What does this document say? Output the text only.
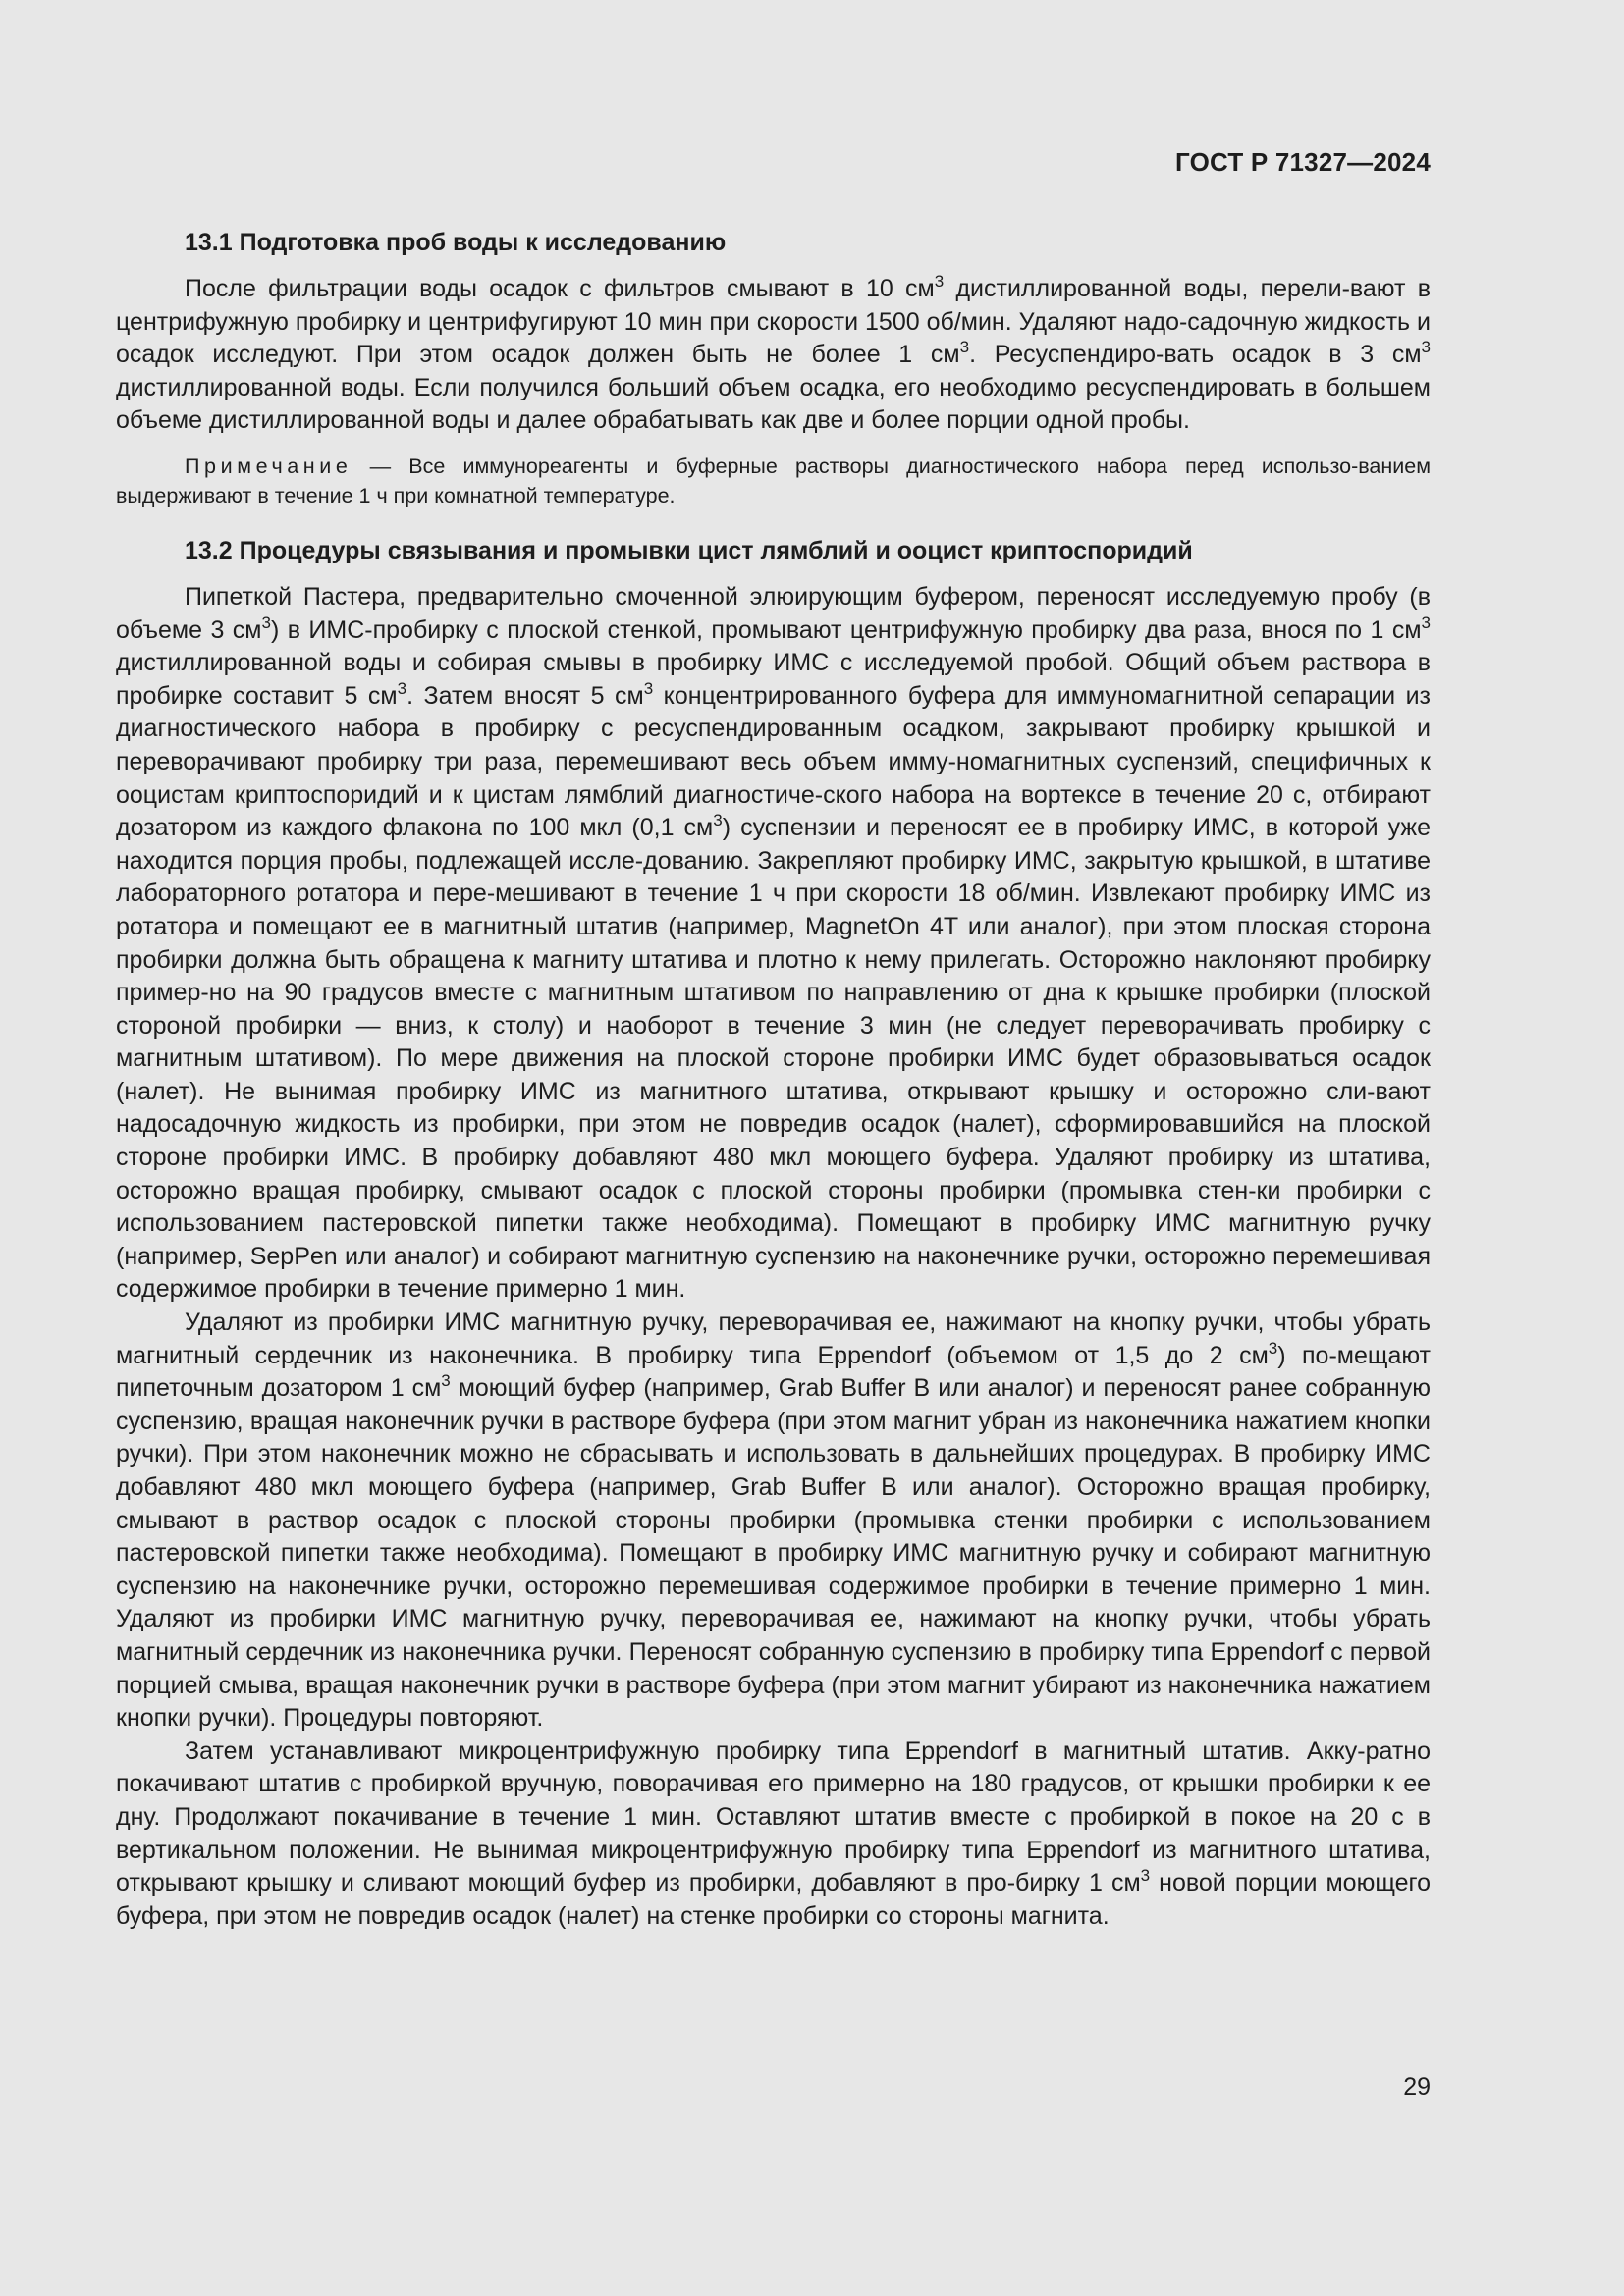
ГОСТ Р 71327—2024
13.1 Подготовка проб воды к исследованию

После фильтрации воды осадок с фильтров смывают в 10 $см^3$ дистиллированной воды, перели-вают в центрифужную пробирку и центрифугируют 10 мин при скорости 1500 об/мин. Удаляют надо-садочную жидкость и осадок исследуют. При этом осадок должен быть не более 1 $см^3$. Ресуспендиро-вать осадок в 3 $см^3$ дистиллированной воды. Если получился больший объем осадка, его необходимо ресуспендировать в большем объеме дистиллированной воды и далее обрабатывать как две и более порции одной пробы.

Примечание — Все иммунореагенты и буферные растворы диагностического набора перед использо-ванием выдерживают в течение 1 ч при комнатной температуре.

13.2 Процедуры связывания и промывки цист лямблий и ооцист криптоспоридий

Пипеткой Пастера, предварительно смоченной элюирующим буфером, переносят исследуемую пробу (в объеме 3 $см^3$) в ИМС-пробирку с плоской стенкой, промывают центрифужную пробирку два раза, внося по 1 $см^3$ дистиллированной воды и собирая смывы в пробирку ИМС с исследуемой пробой. Общий объем раствора в пробирке составит 5 $см^3$. Затем вносят 5 $см^3$ концентрированного буфера для иммуномагнитной сепарации из диагностического набора в пробирку с ресуспендированным осадком, закрывают пробирку крышкой и переворачивают пробирку три раза, перемешивают весь объем имму-номагнитных суспензий, специфичных к ооцистам криптоспоридий и к цистам лямблий диагностиче-ского набора на вортексе в течение 20 с, отбирают дозатором из каждого флакона по 100 мкл (0,1 $см^3$) суспензии и переносят ее в пробирку ИМС, в которой уже находится порция пробы, подлежащей иссле-дованию. Закрепляют пробирку ИМС, закрытую крышкой, в штативе лабораторного ротатора и пере-мешивают в течение 1 ч при скорости 18 об/мин. Извлекают пробирку ИМС из ротатора и помещают ее в магнитный штатив (например, MagnetOn 4T или аналог), при этом плоская сторона пробирки должна быть обращена к магниту штатива и плотно к нему прилегать. Осторожно наклоняют пробирку пример-но на 90 градусов вместе с магнитным штативом по направлению от дна к крышке пробирки (плоской стороной пробирки — вниз, к столу) и наоборот в течение 3 мин (не следует переворачивать пробирку с магнитным штативом). По мере движения на плоской стороне пробирки ИМС будет образовываться осадок (налет). Не вынимая пробирку ИМС из магнитного штатива, открывают крышку и осторожно сли-вают надосадочную жидкость из пробирки, при этом не повредив осадок (налет), сформировавшийся на плоской стороне пробирки ИМС. В пробирку добавляют 480 мкл моющего буфера. Удаляют пробирку из штатива, осторожно вращая пробирку, смывают осадок с плоской стороны пробирки (промывка стен-ки пробирки с использованием пастеровской пипетки также необходима). Помещают в пробирку ИМС магнитную ручку (например, SepPen или аналог) и собирают магнитную суспензию на наконечнике ручки, осторожно перемешивая содержимое пробирки в течение примерно 1 мин.

Удаляют из пробирки ИМС магнитную ручку, переворачивая ее, нажимают на кнопку ручки, чтобы убрать магнитный сердечник из наконечника. В пробирку типа Eppendorf (объемом от 1,5 до 2 $см^3$) по-мещают пипеточным дозатором 1 $см^3$ моющий буфер (например, Grab Buffer B или аналог) и переносят ранее собранную суспензию, вращая наконечник ручки в растворе буфера (при этом магнит убран из наконечника нажатием кнопки ручки). При этом наконечник можно не сбрасывать и использовать в дальнейших процедурах. В пробирку ИМС добавляют 480 мкл моющего буфера (например, Grab Buffer B или аналог). Осторожно вращая пробирку, смывают в раствор осадок с плоской стороны пробирки (промывка стенки пробирки с использованием пастеровской пипетки также необходима). Помещают в пробирку ИМС магнитную ручку и собирают магнитную суспензию на наконечнике ручки, осторожно перемешивая содержимое пробирки в течение примерно 1 мин. Удаляют из пробирки ИМС магнитную ручку, переворачивая ее, нажимают на кнопку ручки, чтобы убрать магнитный сердечник из наконечника ручки. Переносят собранную суспензию в пробирку типа Eppendorf с первой порцией смыва, вращая наконечник ручки в растворе буфера (при этом магнит убирают из наконечника нажатием кнопки ручки). Процедуры повторяют.

Затем устанавливают микроцентрифужную пробирку типа Eppendorf в магнитный штатив. Акку-ратно покачивают штатив с пробиркой вручную, поворачивая его примерно на 180 градусов, от крышки пробирки к ее дну. Продолжают покачивание в течение 1 мин. Оставляют штатив вместе с пробиркой в покое на 20 с в вертикальном положении. Не вынимая микроцентрифужную пробирку типа Eppendorf из магнитного штатива, открывают крышку и сливают моющий буфер из пробирки, добавляют в про-бирку 1 $см^3$ новой порции моющего буфера, при этом не повредив осадок (налет) на стенке пробирки со стороны магнита.

29
